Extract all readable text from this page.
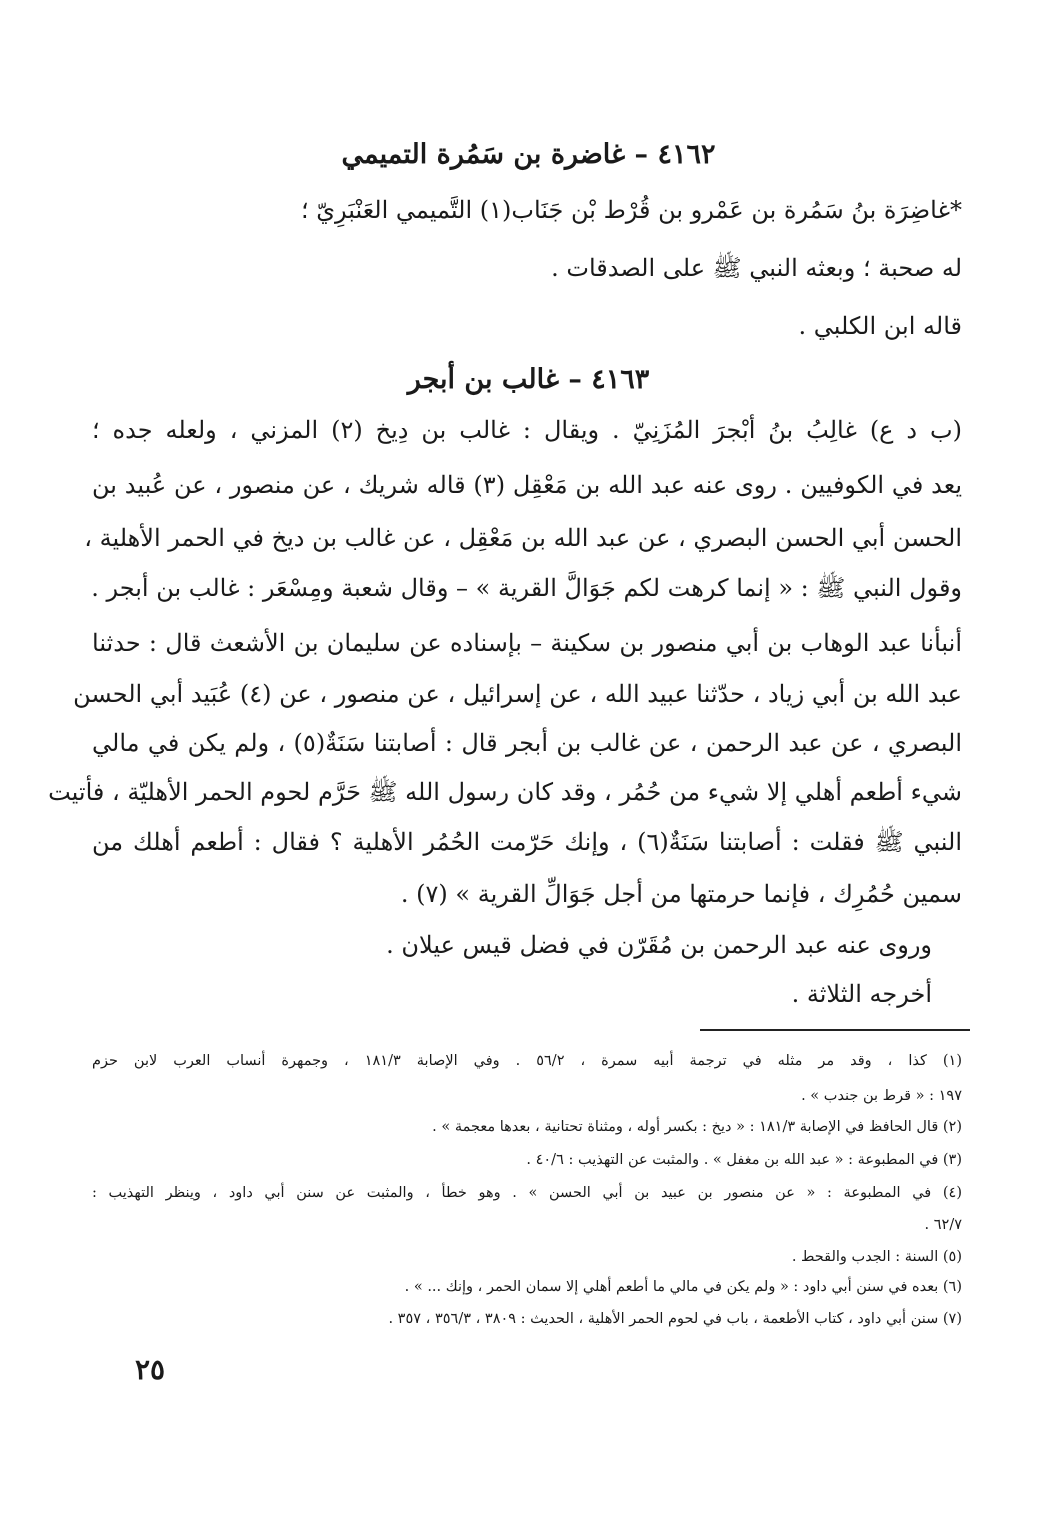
٤١٦٢ – غاضرة بن سَمُرة التميمي
*غاضِرَة بنُ سَمُرة بن عَمْرو بن قُرْط بْن جَنَاب(١) التَّميمي العَنْبَرِيّ ؛
له صحبة ؛ وبعثه النبي ﷺ على الصدقات .
قاله ابن الكلبي .
٤١٦٣ – غالب بن أبجر
(ب د ع) غالِبُ بنُ أبْجرَ المُزَنِيّ . ويقال : غالب بن دِيخ (٢) المزني ، ولعله جده ؛
يعد في الكوفيين . روى عنه عبد الله بن مَعْقِل (٣) قاله شريك ، عن منصور ، عن عُبيد بن
الحسن أبي الحسن البصري ، عن عبد الله بن مَعْقِل ، عن غالب بن ديخ في الحمر الأهلية ،
وقول النبي ﷺ : « إنما كرهت لكم جَوَالَّ القرية » – وقال شعبة ومِسْعَر : غالب بن أبجر .
أنبأنا عبد الوهاب بن أبي منصور بن سكينة – بإسناده عن سليمان بن الأشعث قال : حدثنا
عبد الله بن أبي زياد ، حدّثنا عبيد الله ، عن إسرائيل ، عن منصور ، عن (٤) عُبَيد أبي الحسن
البصري ، عن عبد الرحمن ، عن غالب بن أبجر قال : أصابتنا سَنَةٌ(٥) ، ولم يكن في مالي
شيء أطعم أهلي إلا شيء من حُمُر ، وقد كان رسول الله ﷺ حَرَّم لحوم الحمر الأهليّة ، فأتيت
النبي ﷺ فقلت : أصابتنا سَنَةٌ(٦) ، وإنك حَرّمت الحُمُر الأهلية ؟ فقال : أطعم أهلك من
سمين حُمُرِك ، فإنما حرمتها من أجل جَوَالِّ القرية » (٧) .
وروى عنه عبد الرحمن بن مُقَرّن في فضل قيس عيلان .
أخرجه الثلاثة .
(١) كذا ، وقد مر مثله في ترجمة أبيه سمرة ، ٥٦/٢ . وفي الإصابة ١٨١/٣ ، وجمهرة أنساب العرب لابن حزم
١٩٧ : « قرط بن جندب » .
(٢) قال الحافظ في الإصابة ١٨١/٣ : « ديخ : بكسر أوله ، ومثناة تحتانية ، بعدها معجمة » .
(٣) في المطبوعة : « عبد الله بن مغفل » . والمثبت عن التهذيب : ٤٠/٦ .
(٤) في المطبوعة : « عن منصور بن عبيد بن أبي الحسن » . وهو خطأ ، والمثبت عن سنن أبي داود ، وينظر التهذيب :
٦٢/٧ .
(٥) السنة : الجدب والقحط .
(٦) بعده في سنن أبي داود : « ولم يكن في مالي ما أطعم أهلي إلا سمان الحمر ، وإنك ... » .
(٧) سنن أبي داود ، كتاب الأطعمة ، باب في لحوم الحمر الأهلية ، الحديث : ٣٨٠٩ ، ٣٥٦/٣ ، ٣٥٧ .
٢٥
